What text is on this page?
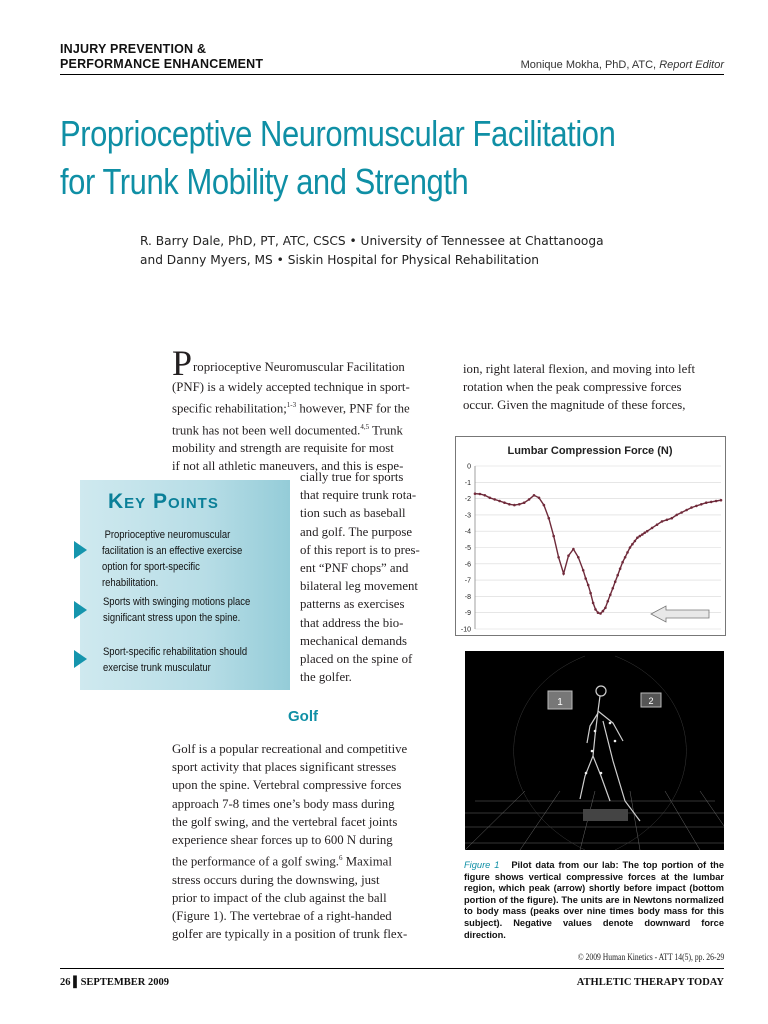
INJURY PREVENTION &
PERFORMANCE ENHANCEMENT	Monique Mokha, PhD, ATC, Report Editor
Proprioceptive Neuromuscular Facilitation
for Trunk Mobility and Strength
R. Barry Dale, PhD, PT, ATC, CSCS • University of Tennessee at Chattanooga
and Danny Myers, MS • Siskin Hospital for Physical Rehabilitation
P roprioceptive Neuromuscular Facilitation
(PNF) is a widely accepted technique in sport-
specific rehabilitation;$^{1-3}$ however, PNF for the
trunk has not been well documented.$^{4,5}$ Trunk
mobility and strength are requisite for most
if not all athletic maneuvers, and this is espe-
cially true for sports
that require trunk rota-
tion such as baseball
and golf. The purpose
of this report is to pres-
ent “PNF chops” and
bilateral leg movement
patterns as exercises
that address the bio-
mechanical demands
placed on the spine of
the golfer.
Key Points
Proprioceptive neuromuscular facilitation is an effective exercise option for sport-specific rehabilitation.
Sports with swinging motions place significant stress upon the spine.
Sport-specific rehabilitation should exercise trunk musculatur
Golf
Golf is a popular recreational and competitive
sport activity that places significant stresses
upon the spine. Vertebral compressive forces
approach 7-8 times one’s body mass during
the golf swing, and the vertebral facet joints
experience shear forces up to 600 N during
the performance of a golf swing.$^6$ Maximal
stress occurs during the downswing, just
prior to impact of the club against the ball
(Figure 1). The vertebrae of a right-handed
golfer are typically in a position of trunk flex-
ion, right lateral flexion, and moving into left
rotation when the peak compressive forces
occur. Given the magnitude of these forces,
Lumbar Compression Force (N)
0
-1
-2
-3
-4
-5
-6
-7
-8
-9
-10
1	2
Figure 1 Pilot data from our lab: The top portion of the figure shows vertical compressive forces at the lumbar region, which peak (arrow) shortly before impact (bottom portion of the figure). The units are in Newtons normalized to body mass (peaks over nine times body mass for this subject). Negative values denote downward force direction.
© 2009 Human Kinetics - ATT 14(5), pp. 26-29
26 ▌SEPTEMBER 2009	ATHLETIC THERAPY TODAY
